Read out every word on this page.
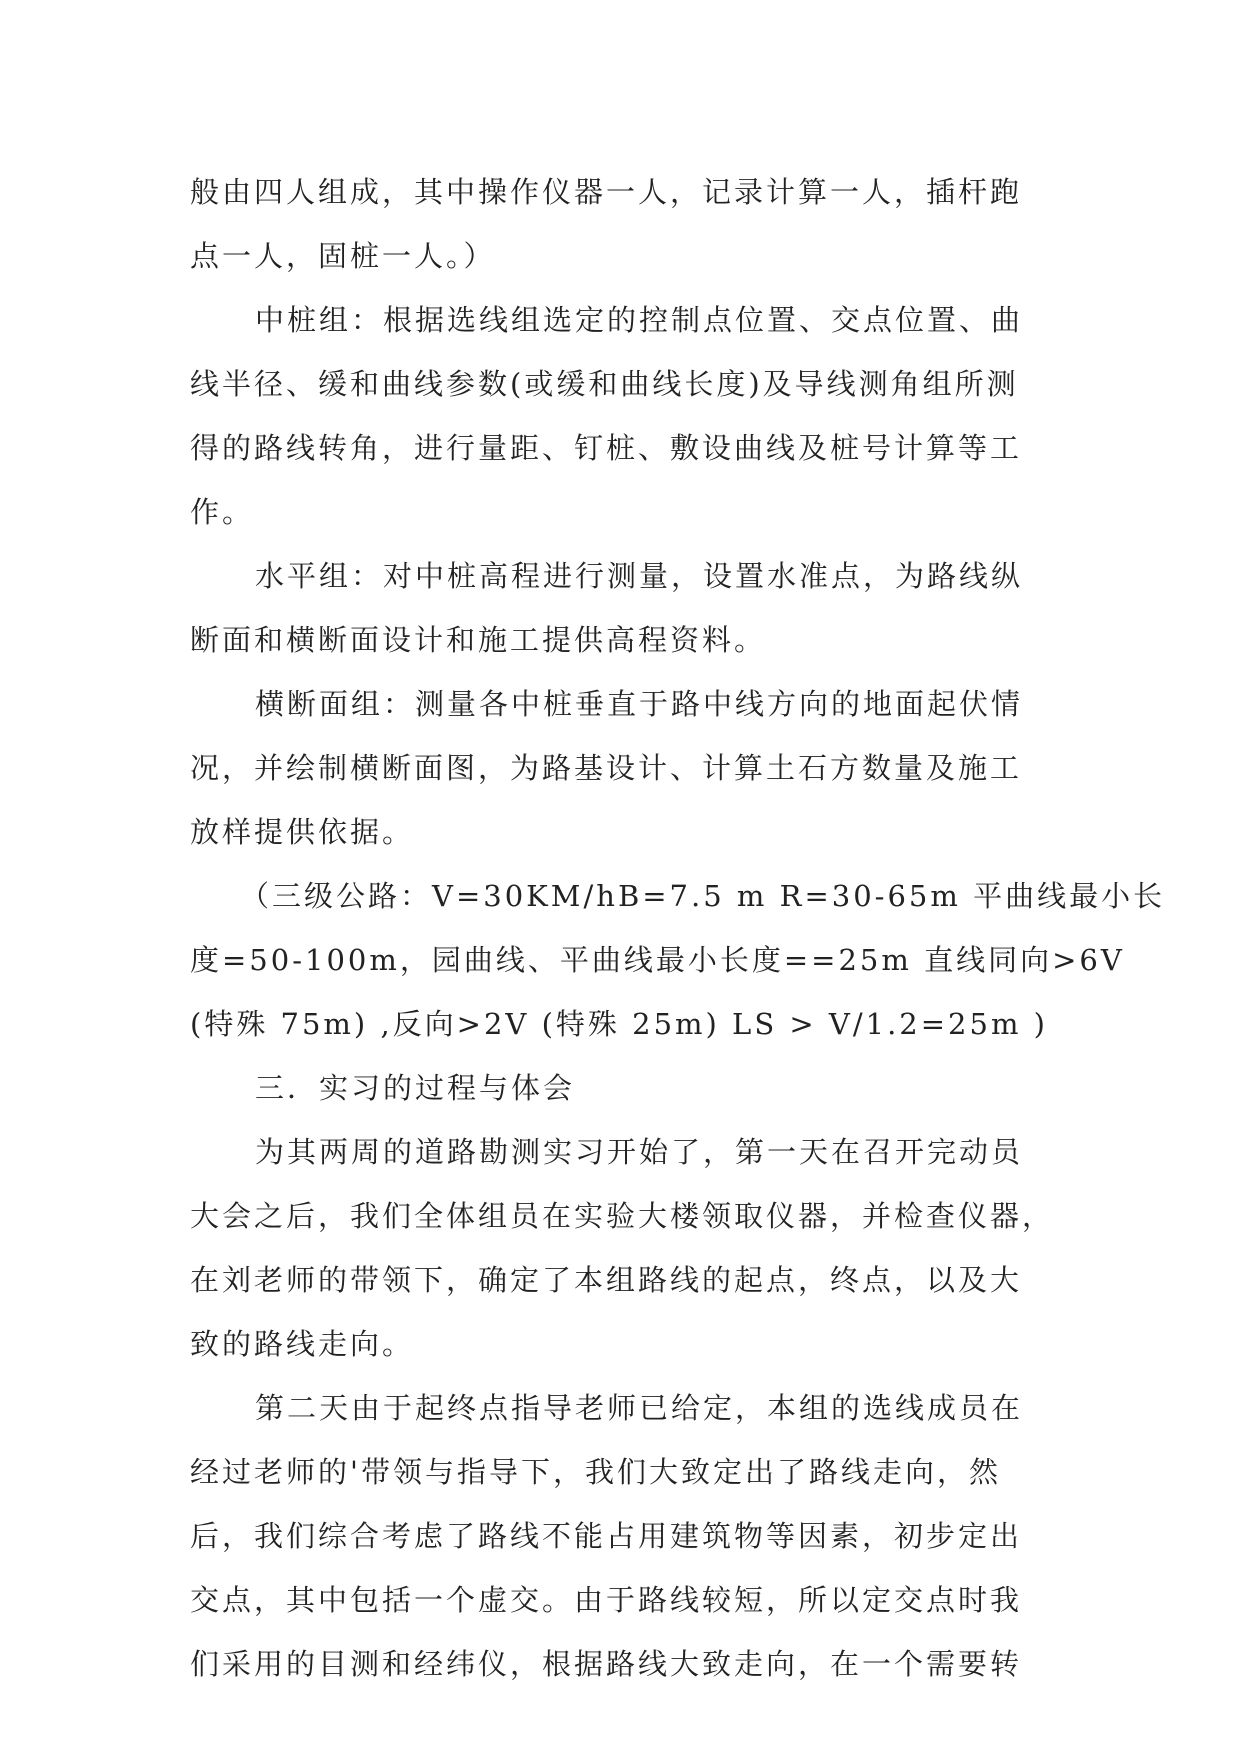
般由四人组成，其中操作仪器一人，记录计算一人，插杆跑
点一人，固桩一人。）

中桩组：根据选线组选定的控制点位置、交点位置、曲
线半径、缓和曲线参数(或缓和曲线长度)及导线测角组所测
得的路线转角，进行量距、钉桩、敷设曲线及桩号计算等工
作。

水平组：对中桩高程进行测量，设置水准点，为路线纵
断面和横断面设计和施工提供高程资料。

横断面组：测量各中桩垂直于路中线方向的地面起伏情
况，并绘制横断面图，为路基设计、计算土石方数量及施工
放样提供依据。

（三级公路：V=30KM/hB=7.5 m R=30-65m 平曲线最小长
度=50-100m，园曲线、平曲线最小长度==25m 直线同向>6V
(特殊 75m) ,反向>2V (特殊 25m) LS > V/1.2=25m )

三．实习的过程与体会

为其两周的道路勘测实习开始了，第一天在召开完动员
大会之后，我们全体组员在实验大楼领取仪器，并检查仪器，
在刘老师的带领下，确定了本组路线的起点，终点，以及大
致的路线走向。

第二天由于起终点指导老师已给定，本组的选线成员在
经过老师的'带领与指导下，我们大致定出了路线走向，然
后，我们综合考虑了路线不能占用建筑物等因素，初步定出
交点，其中包括一个虚交。由于路线较短，所以定交点时我
们采用的目测和经纬仪，根据路线大致走向，在一个需要转
